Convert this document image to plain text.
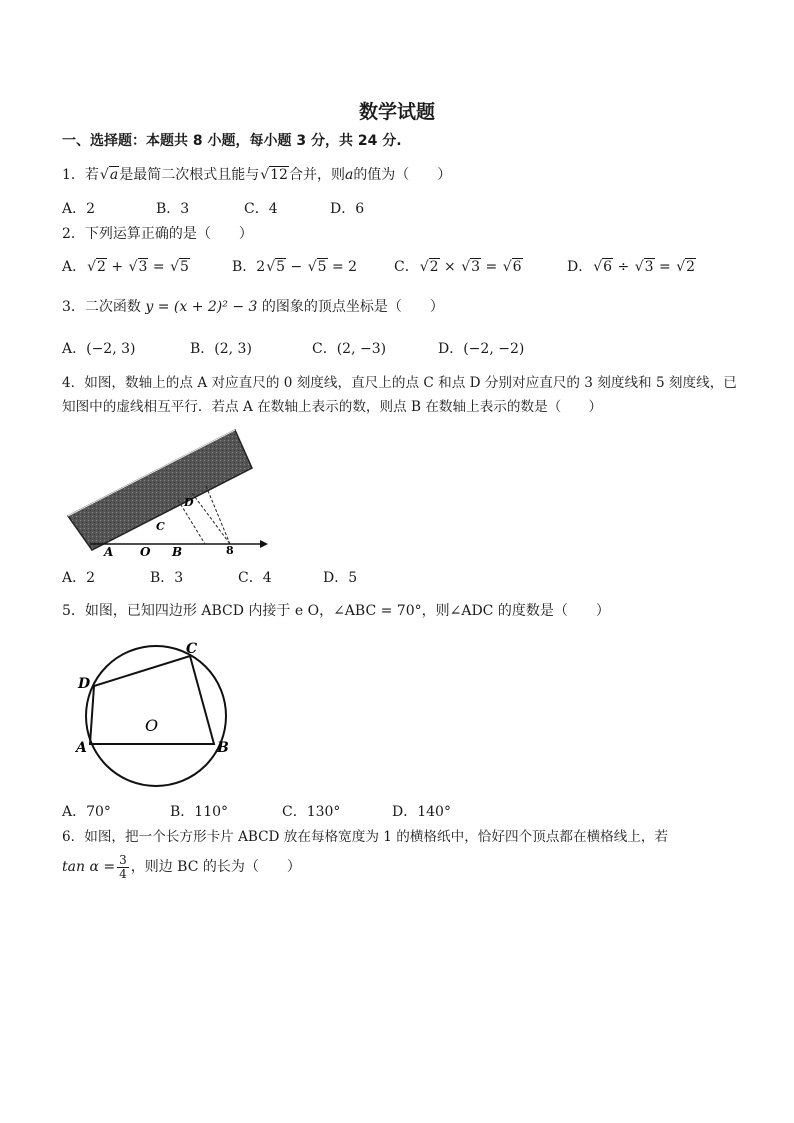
数学试题
一、选择题：本题共 8 小题，每小题 3 分，共 24 分.
1．若√a是最简二次根式且能与√12合并，则a的值为（　　）
A．2	B．3	C．4	D．6
2．下列运算正确的是（　　）
A．√2 + √3 = √5	B．2√5 − √5 = 2	C．√2 × √3 = √6	D．√6 ÷ √3 = √2
3．二次函数 y = (x + 2)² − 3 的图象的顶点坐标是（　　）
A．(−2, 3)	B．(2, 3)	C．(2, −3)	D．(−2, −2)
4．如图，数轴上的点 A 对应直尺的 0 刻度线，直尺上的点 C 和点 D 分别对应直尺的 3 刻度线和 5 刻度线，已
知图中的虚线相互平行．若点 A 在数轴上表示的数，则点 B 在数轴上表示的数是（　　）
A O B
C
D
8
A．2	B．3	C．4	D．5
5．如图，已知四边形 ABCD 内接于 e O，∠ABC = 70°，则∠ADC 的度数是（　　）
A	B
C
D
O
A．70°	B．110°	C．130°	D．140°
6．如图，把一个长方形卡片 ABCD 放在每格宽度为 1 的横格纸中，恰好四个顶点都在横格线上，若
$\tan \alpha = \frac{3}{4}$ ，则边 BC 的长为（　　）
